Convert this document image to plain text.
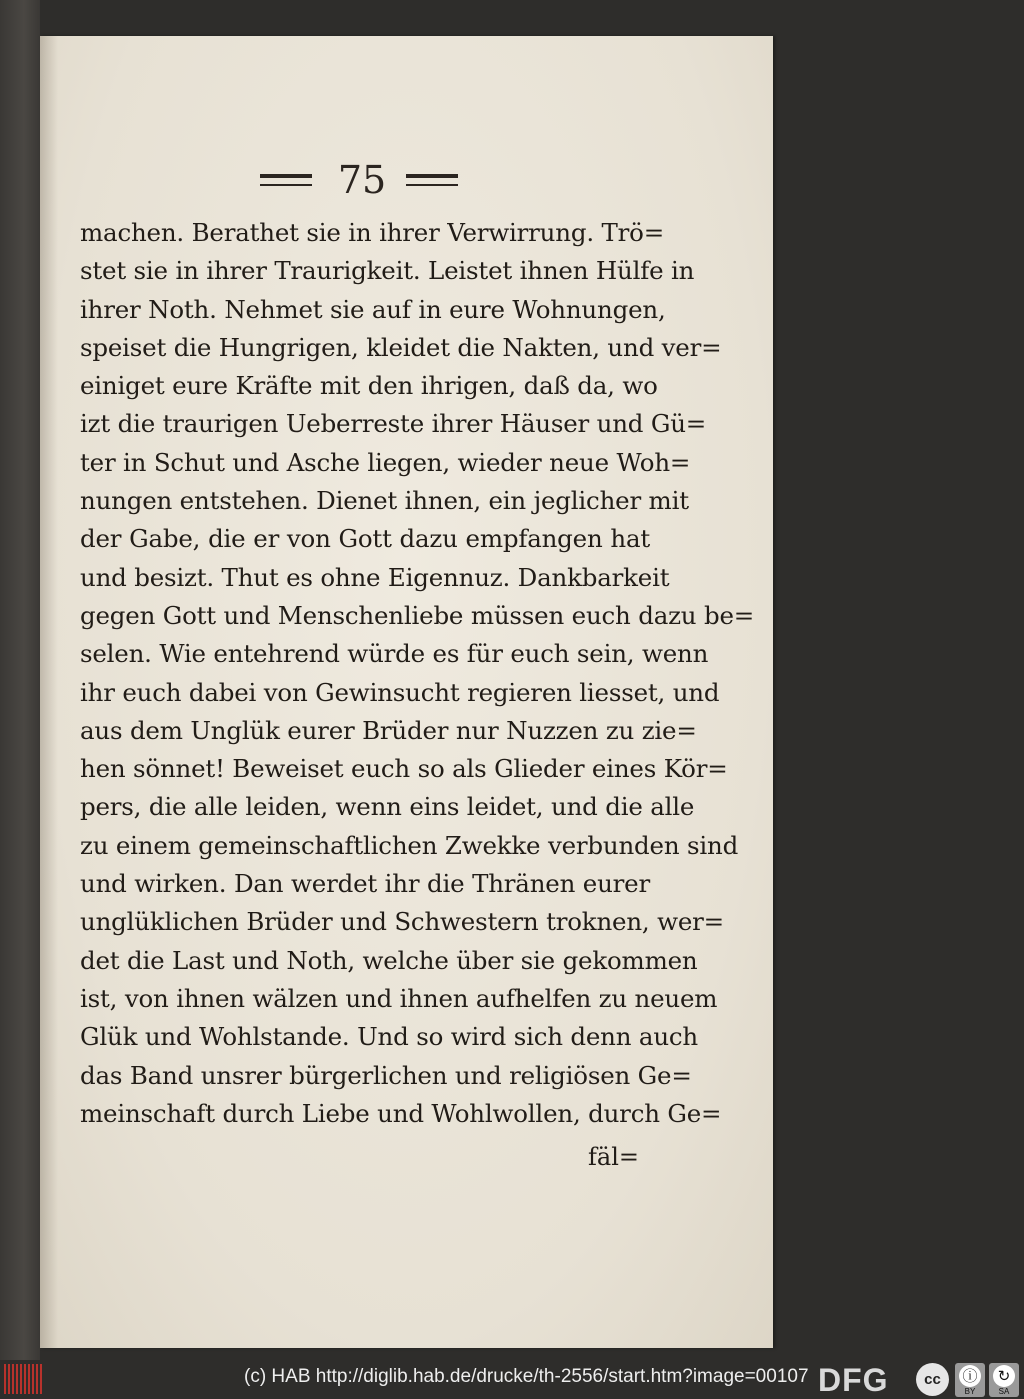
75
machen. Berathet sie in ihrer Verwirrung. Trö=
stet sie in ihrer Traurigkeit. Leistet ihnen Hülfe in
ihrer Noth. Nehmet sie auf in eure Wohnungen,
speiset die Hungrigen, kleidet die Nakten, und ver=
einiget eure Kräfte mit den ihrigen, daß da, wo
izt die traurigen Ueberreste ihrer Häuser und Gü=
ter in Schut und Asche liegen, wieder neue Woh=
nungen entstehen. Dienet ihnen, ein jeglicher mit
der Gabe, die er von Gott dazu empfangen hat
und besizt. Thut es ohne Eigennuz. Dankbarkeit
gegen Gott und Menschenliebe müssen euch dazu be=
selen. Wie entehrend würde es für euch sein, wenn
ihr euch dabei von Gewinsucht regieren liesset, und
aus dem Unglük eurer Brüder nur Nuzzen zu zie=
hen sönnet! Beweiset euch so als Glieder eines Kör=
pers, die alle leiden, wenn eins leidet, und die alle
zu einem gemeinschaftlichen Zwekke verbunden sind
und wirken. Dan werdet ihr die Thränen eurer
unglüklichen Brüder und Schwestern troknen, wer=
det die Last und Noth, welche über sie gekommen
ist, von ihnen wälzen und ihnen aufhelfen zu neuem
Glük und Wohlstande. Und so wird sich denn auch
das Band unsrer bürgerlichen und religiösen Ge=
meinschaft durch Liebe und Wohlwollen, durch Ge=
fäl=
(c) HAB http://diglib.hab.de/drucke/th-2556/start.htm?image=00107 DFG	cc	ⓘ
BY
↻
SA
